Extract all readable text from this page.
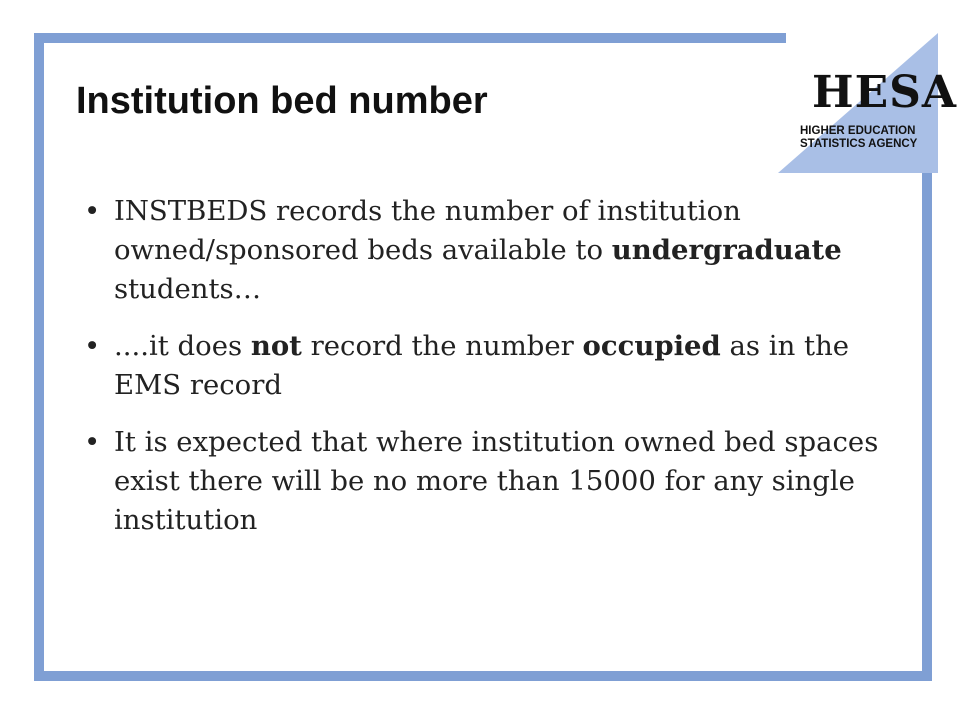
HESA
HIGHER EDUCATION
STATISTICS AGENCY
Institution bed number
• INSTBEDS records the number of institution owned/sponsored beds available to undergraduate students…
• ....it does not record the number occupied as in the EMS record
• It is expected that where institution owned bed spaces exist there will be no more than 15000 for any single institution
